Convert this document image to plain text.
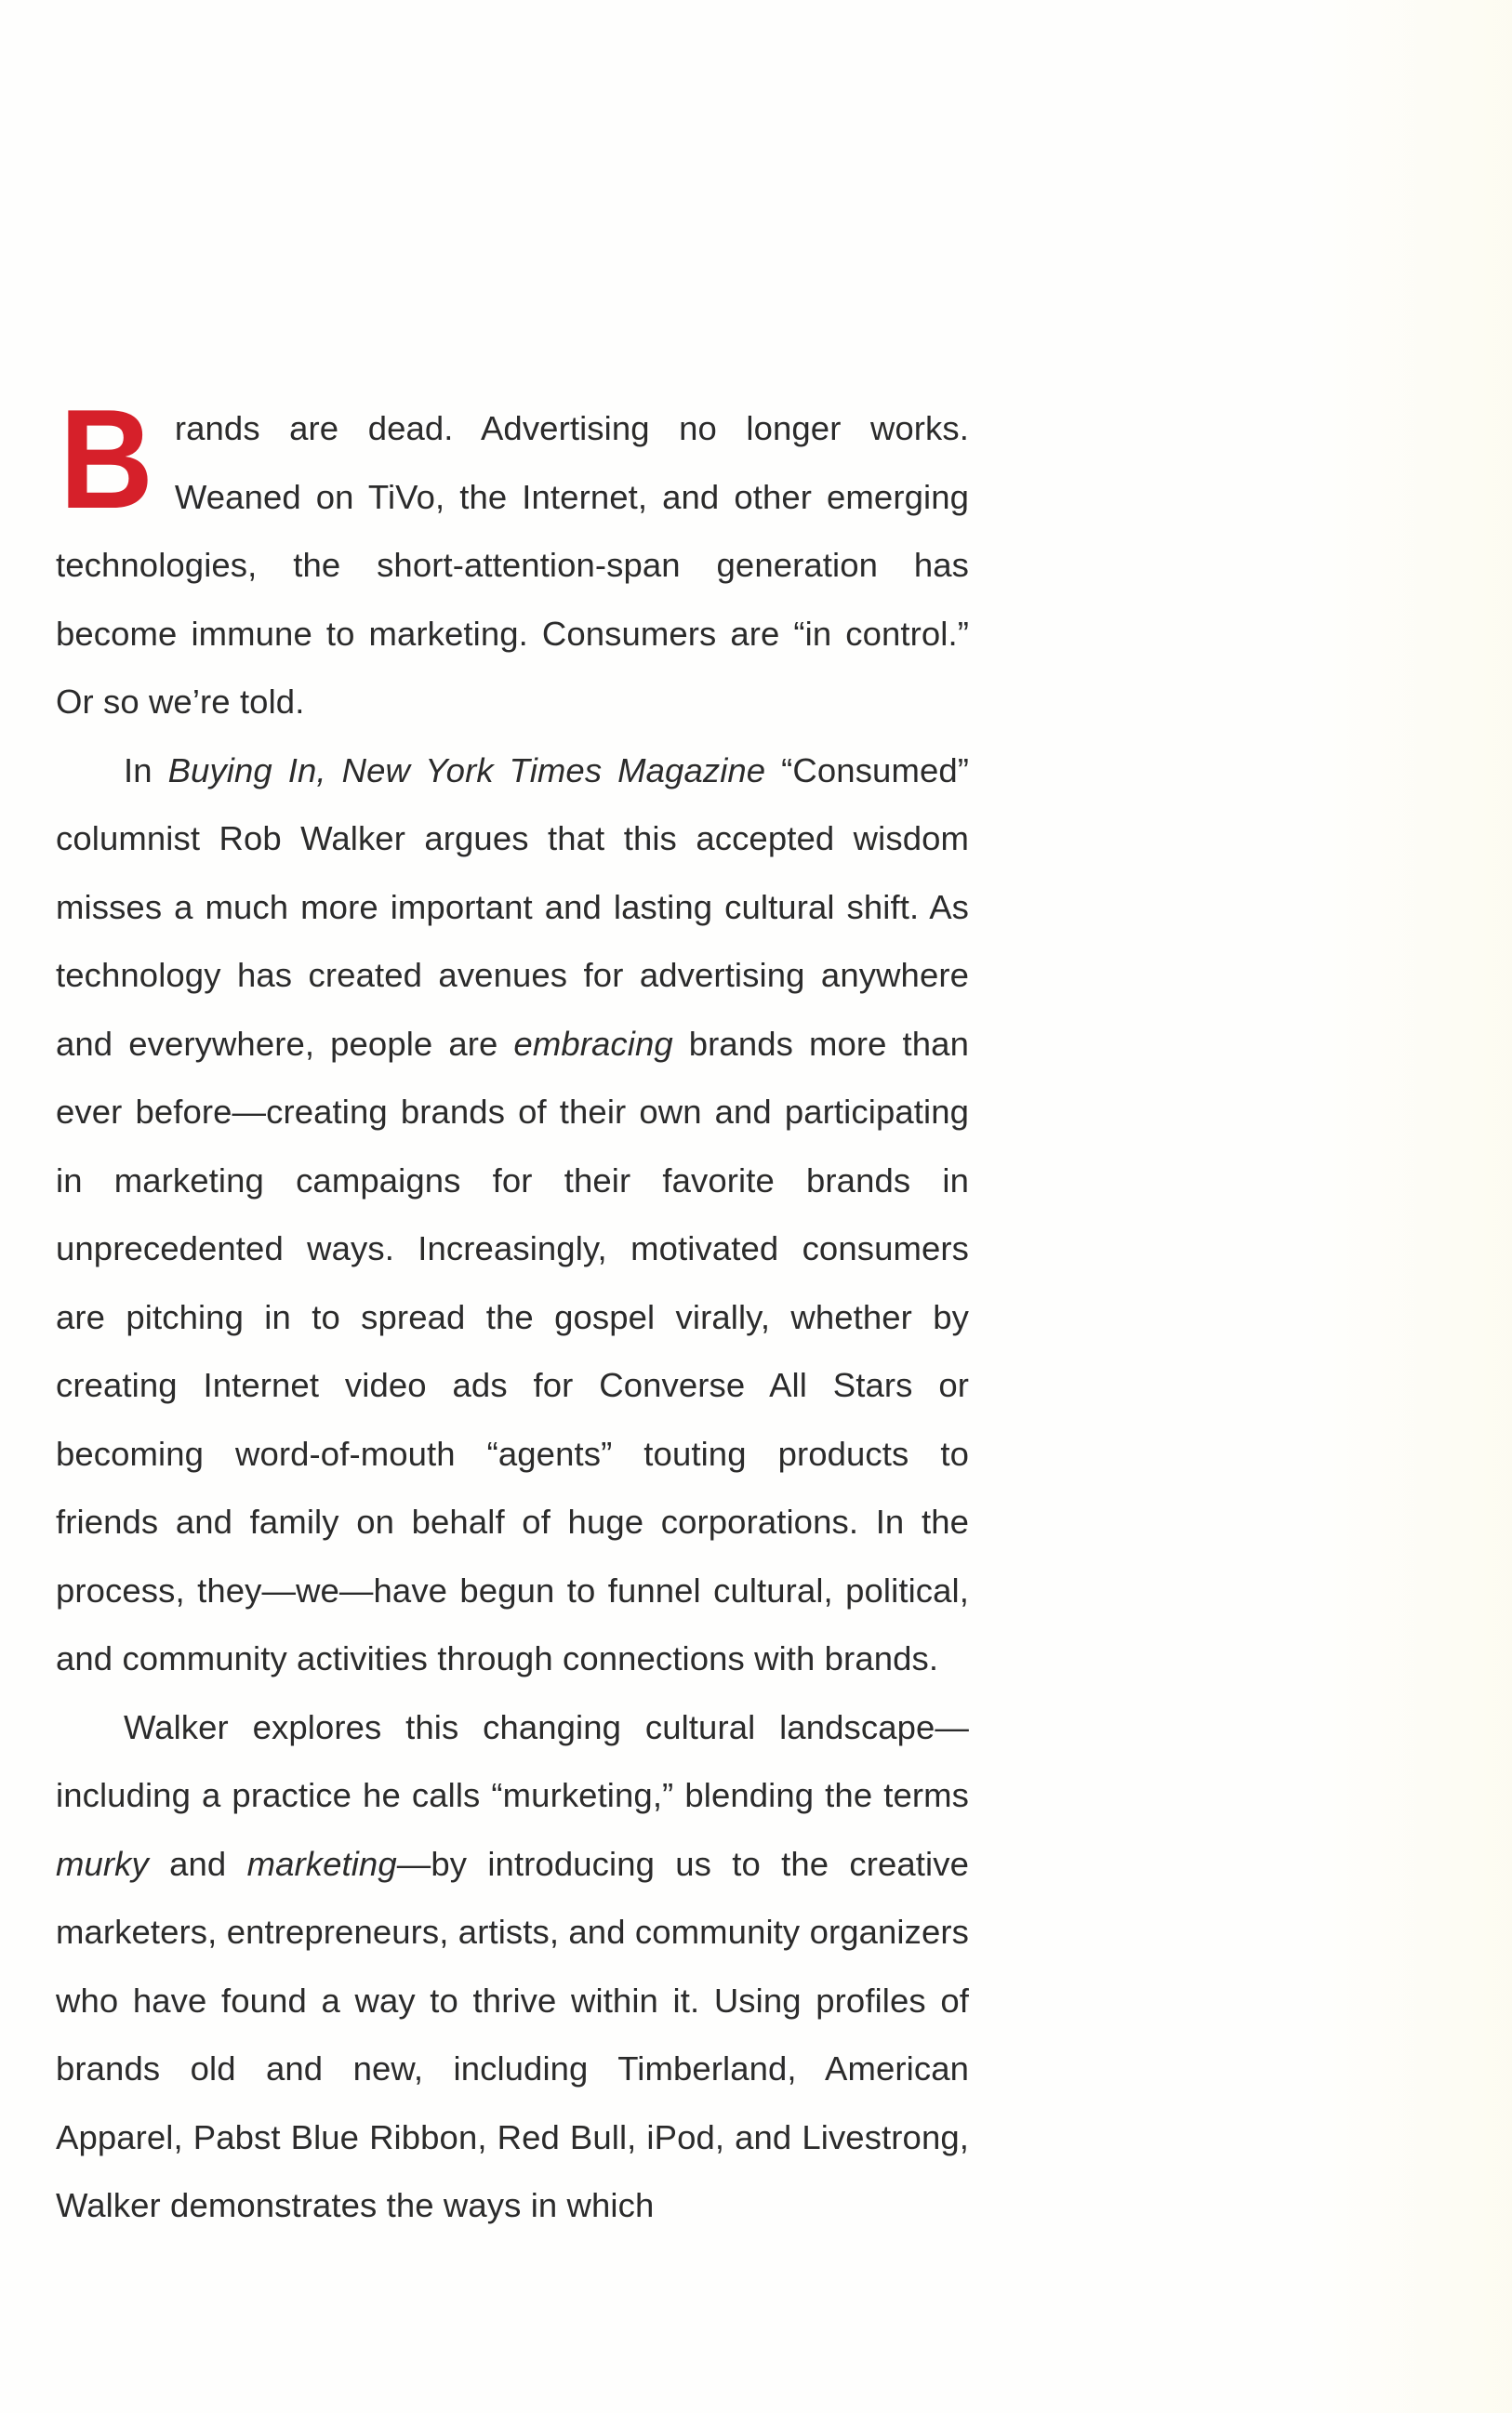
Brands are dead. Advertising no longer works. Weaned on TiVo, the Internet, and other emerging technologies, the short-attention-span generation has become immune to marketing. Consumers are “in control.” Or so we’re told.

In Buying In, New York Times Magazine “Consumed” columnist Rob Walker argues that this accepted wisdom misses a much more important and lasting cultural shift. As technology has created avenues for advertising anywhere and everywhere, people are embracing brands more than ever before—creating brands of their own and participating in marketing campaigns for their favorite brands in unprecedented ways. Increasingly, motivated consumers are pitching in to spread the gospel virally, whether by creating Internet video ads for Converse All Stars or becoming word-of-mouth “agents” touting products to friends and family on behalf of huge corporations. In the process, they—we—have begun to funnel cultural, political, and community activities through connections with brands.

Walker explores this changing cultural landscape—including a practice he calls “murketing,” blending the terms murky and marketing—by introducing us to the creative marketers, entrepreneurs, artists, and community organizers who have found a way to thrive within it. Using profiles of brands old and new, including Timberland, American Apparel, Pabst Blue Ribbon, Red Bull, iPod, and Livestrong, Walker demonstrates the ways in which
